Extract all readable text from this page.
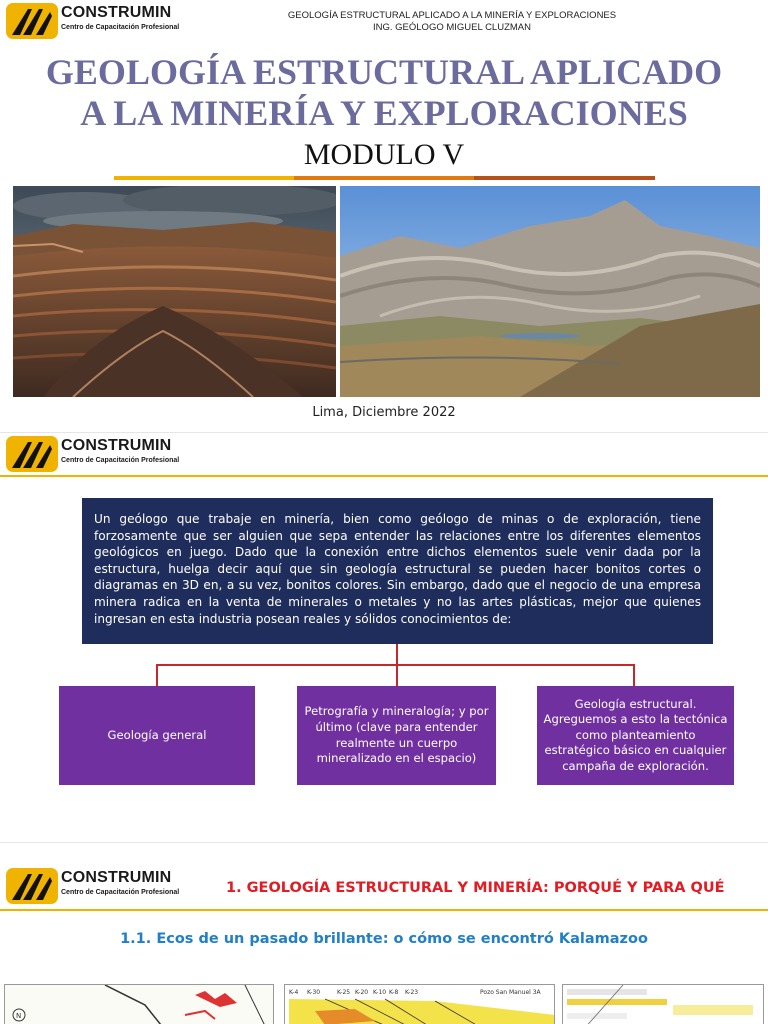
CONSTRUMIN
Centro de Capacitación Profesional
GEOLOGÍA ESTRUCTURAL APLICADO A LA MINERÍA Y EXPLORACIONES
ING. GEÓLOGO MIGUEL CLUZMAN
GEOLOGÍA ESTRUCTURAL APLICADO
A LA MINERÍA Y EXPLORACIONES
MODULO V
Lima, Diciembre 2022
CONSTRUMIN
Centro de Capacitación Profesional
Un geólogo que trabaje en minería, bien como geólogo de minas o de exploración, tiene forzosamente que ser alguien que sepa entender las relaciones entre los diferentes elementos geológicos en juego. Dado que la conexión entre dichos elementos suele venir dada por la estructura, huelga decir aquí que sin geología estructural se pueden hacer bonitos cortes o diagramas en 3D en, a su vez, bonitos colores. Sin embargo, dado que el negocio de una empresa minera radica en la venta de minerales o metales y no las artes plásticas, mejor que quienes ingresan en esta industria posean reales y sólidos conocimientos de:
Geología general
Petrografía y mineralogía; y por último (clave para entender realmente un cuerpo mineralizado en el espacio)
Geología estructural. Agreguemos a esto la tectónica como planteamiento estratégico básico en cualquier campaña de exploración.
CONSTRUMIN
Centro de Capacitación Profesional	1. GEOLOGÍA ESTRUCTURAL Y MINERÍA: PORQUÉ Y PARA QUÉ
1.1. Ecos de un pasado brillante: o cómo se encontró Kalamazoo
N
K-4 K-30	K-25 K-20 K-10 K-8 K-23	Pozo San Manuel 3A
